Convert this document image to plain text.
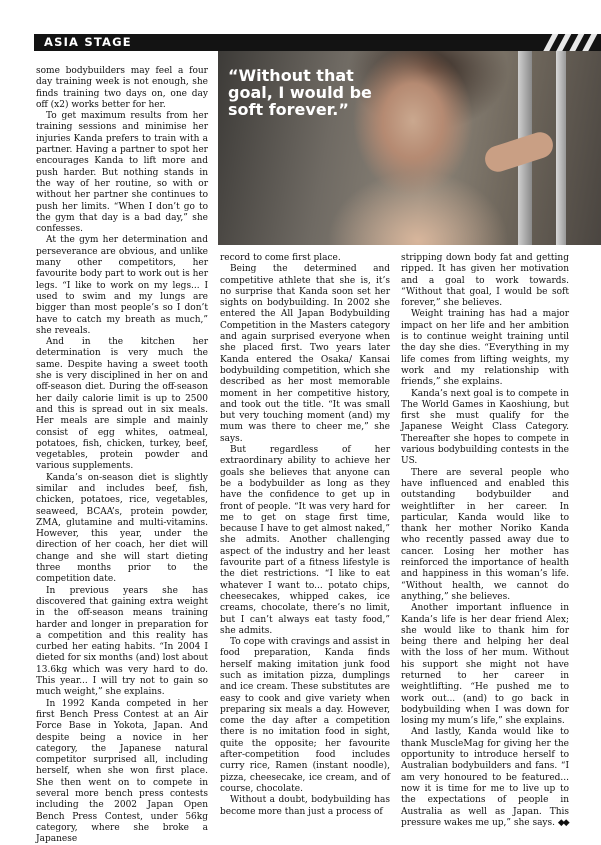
ASIA STAGE
“Without that goal, I would be soft forever.”

some bodybuilders may feel a four day training week is not enough, she finds training two days on, one day off (x2) works better for her.

To get maximum results from her training sessions and minimise her injuries Kanda prefers to train with a partner. Having a partner to spot her encourages Kanda to lift more and push harder. But nothing stands in the way of her routine, so with or without her partner she continues to push her limits. “When I don’t go to the gym that day is a bad day,” she confesses.

At the gym her determination and perseverance are obvious, and unlike many other competitors, her favourite body part to work out is her legs. “I like to work on my legs... I used to swim and my lungs are bigger than most people’s so I don’t have to catch my breath as much,” she reveals.

And in the kitchen her determination is very much the same. Despite having a sweet tooth she is very disciplined in her on and off-season diet. During the off-season her daily calorie limit is up to 2500 and this is spread out in six meals. Her meals are simple and mainly consist of egg whites, oatmeal, potatoes, fish, chicken, turkey, beef, vegetables, protein powder and various supplements.

Kanda’s on-season diet is slightly similar and includes beef, fish, chicken, potatoes, rice, vegetables, seaweed, BCAA’s, protein powder, ZMA, glutamine and multi-vitamins. However, this year, under the direction of her coach, her diet will change and she will start dieting three months prior to the competition date.

In previous years she has discovered that gaining extra weight in the off-season means training harder and longer in preparation for a competition and this reality has curbed her eating habits. “In 2004 I dieted for six months (and) lost about 13.6kg which was very hard to do. This year... I will try not to gain so much weight,” she explains.

In 1992 Kanda competed in her first Bench Press Contest at an Air Force Base in Yokota, Japan. And despite being a novice in her category, the Japanese natural competitor surprised all, including herself, when she won first place. She then went on to compete in several more bench press contests including the 2002 Japan Open Bench Press Contest, under 56kg category, where she broke a Japanese

record to come first place.

Being the determined and competitive athlete that she is, it’s no surprise that Kanda soon set her sights on bodybuilding. In 2002 she entered the All Japan Bodybuilding Competition in the Masters category and again surprised everyone when she placed first. Two years later Kanda entered the Osaka/ Kansai bodybuilding competition, which she described as her most memorable moment in her competitive history, and took out the title. “It was small but very touching moment (and) my mum was there to cheer me,” she says.

But regardless of her extraordinary ability to achieve her goals she believes that anyone can be a bodybuilder as long as they have the confidence to get up in front of people. “It was very hard for me to get on stage first time, because I have to get almost naked,” she admits. Another challenging aspect of the industry and her least favourite part of a fitness lifestyle is the diet restrictions. “I like to eat whatever I want to... potato chips, cheesecakes, whipped cakes, ice creams, chocolate, there’s no limit, but I can’t always eat tasty food,” she admits.

To cope with cravings and assist in food preparation, Kanda finds herself making imitation junk food such as imitation pizza, dumplings and ice cream. These substitutes are easy to cook and give variety when preparing six meals a day. However, come the day after a competition there is no imitation food in sight, quite the opposite; her favourite after-competition food includes curry rice, Ramen (instant noodle), pizza, cheesecake, ice cream, and of course, chocolate.

Without a doubt, bodybuilding has become more than just a process of

stripping down body fat and getting ripped. It has given her motivation and a goal to work towards. “Without that goal, I would be soft forever,” she believes.

Weight training has had a major impact on her life and her ambition is to continue weight training until the day she dies. “Everything in my life comes from lifting weights, my work and my relationship with friends,” she explains.

Kanda’s next goal is to compete in The World Games in Kaoshiung, but first she must qualify for the Japanese Weight Class Category. Thereafter she hopes to compete in various bodybuilding contests in the US.

There are several people who have influenced and enabled this outstanding bodybuilder and weightlifter in her career. In particular, Kanda would like to thank her mother Noriko Kanda who recently passed away due to cancer. Losing her mother has reinforced the importance of health and happiness in this woman’s life. “Without health, we cannot do anything,” she believes.

Another important influence in Kanda’s life is her dear friend Alex; she would like to thank him for being there and helping her deal with the loss of her mum. Without his support she might not have returned to her career in weightlifting. “He pushed me to work out... (and) to go back in bodybuilding when I was down for losing my mum’s life,” she explains.

And lastly, Kanda would like to thank MuscleMag for giving her the opportunity to introduce herself to Australian bodybuilders and fans. “I am very honoured to be featured... now it is time for me to live up to the expectations of people in Australia as well as Japan. This pressure wakes me up,” she says. ◆◆
